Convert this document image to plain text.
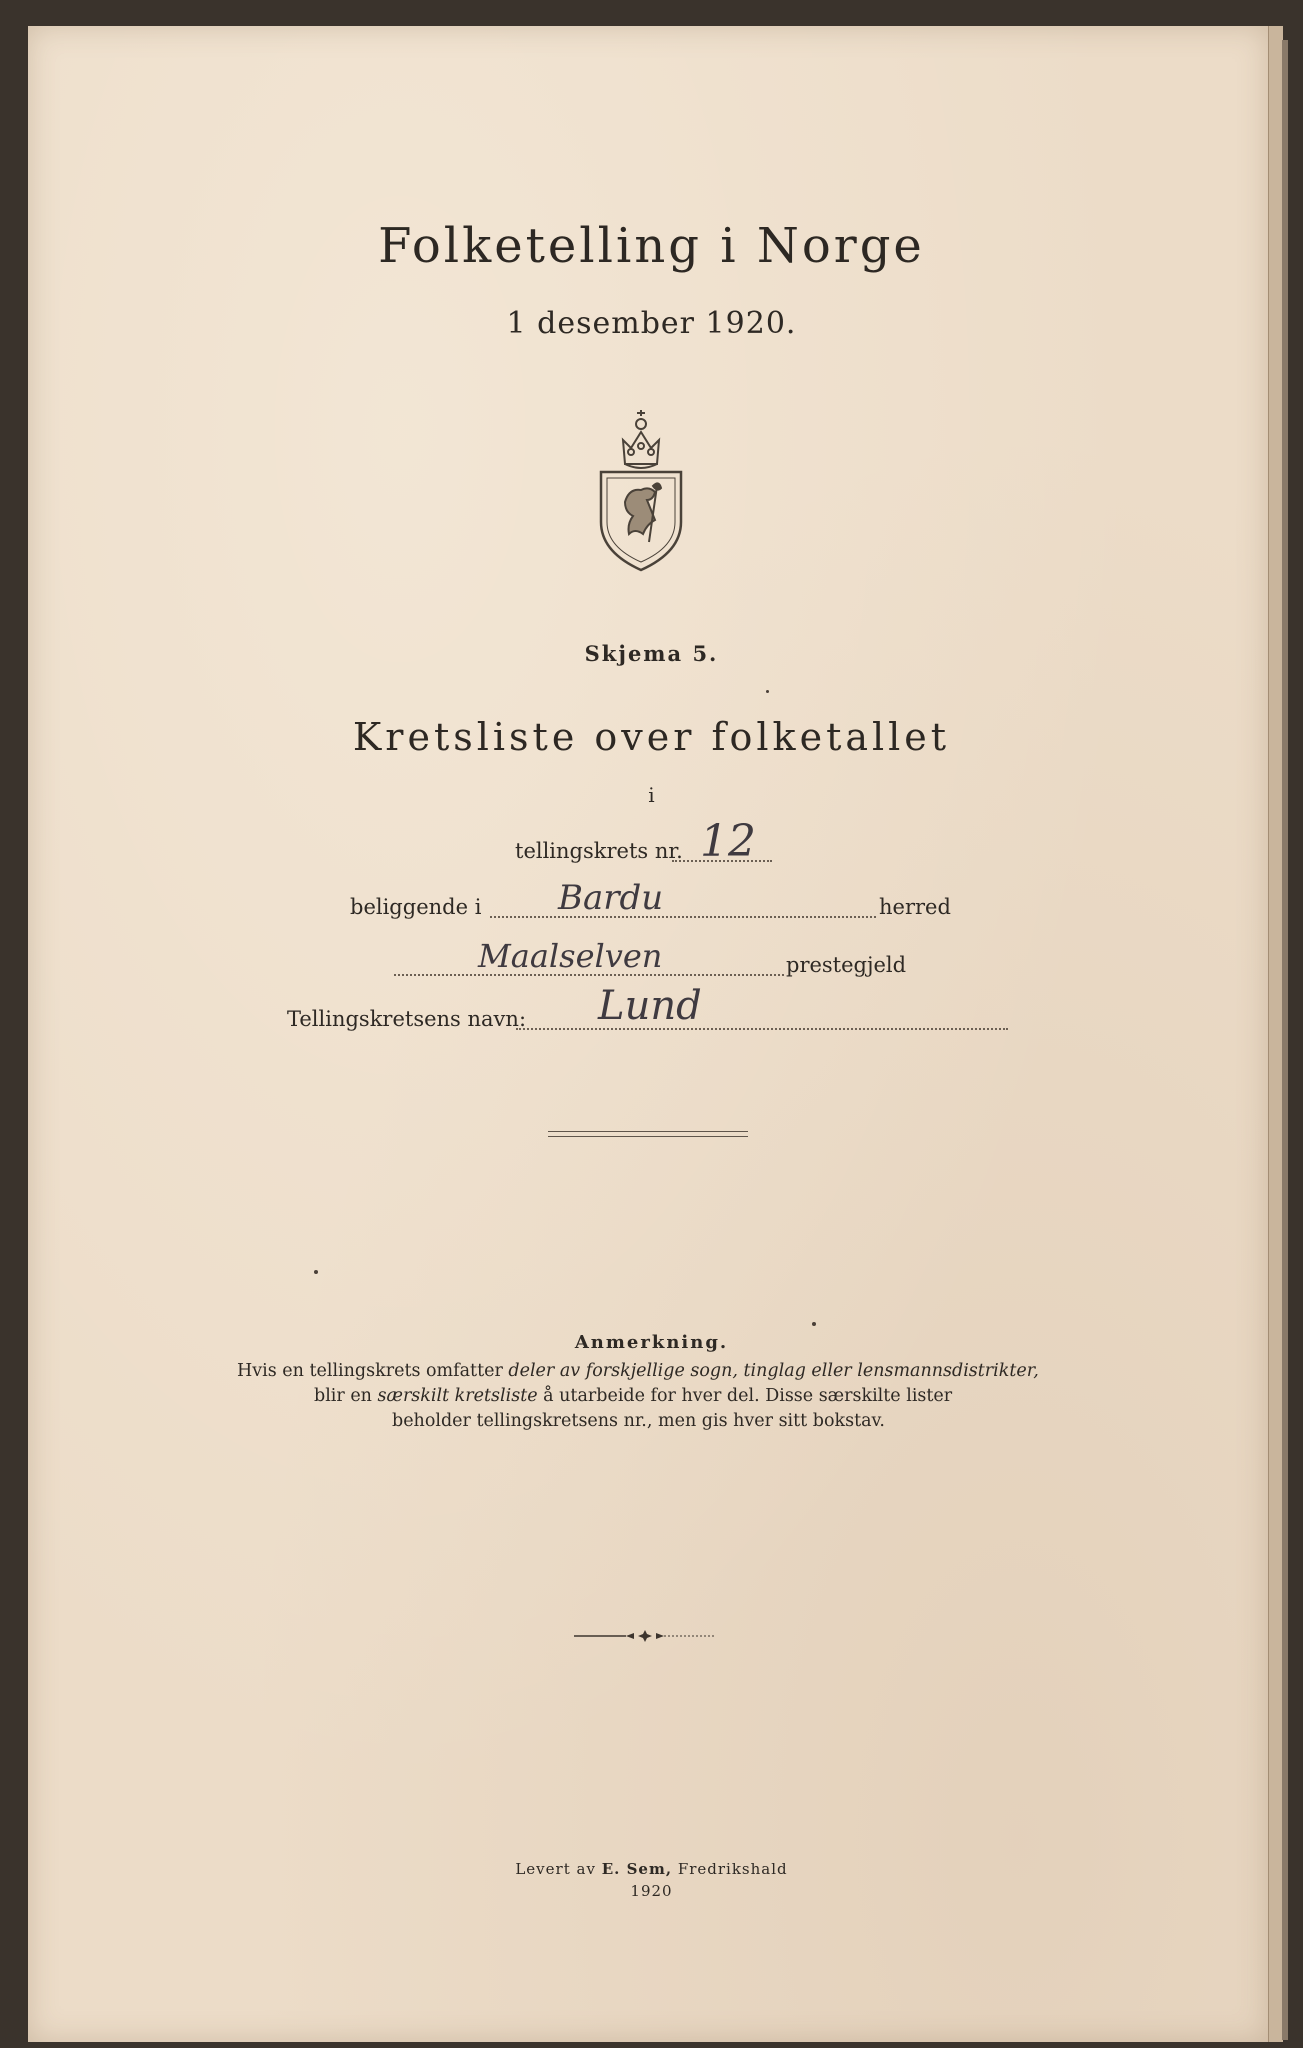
Folketelling i Norge
1 desember 1920.
Skjema 5.
Kretsliste over folketallet
i
tellingskrets nr. 12
beliggende i Bardu	herred
Maalselven	prestegjeld
Tellingskretsens navn: Lund
Anmerkning.
Hvis en tellingskrets omfatter deler av forskjellige sogn, tinglag eller lensmannsdistrikter,
blir en særskilt kretsliste å utarbeide for hver del. Disse særskilte lister
beholder tellingskretsens nr., men gis hver sitt bokstav.
Levert av E. Sem, Fredrikshald
1920
